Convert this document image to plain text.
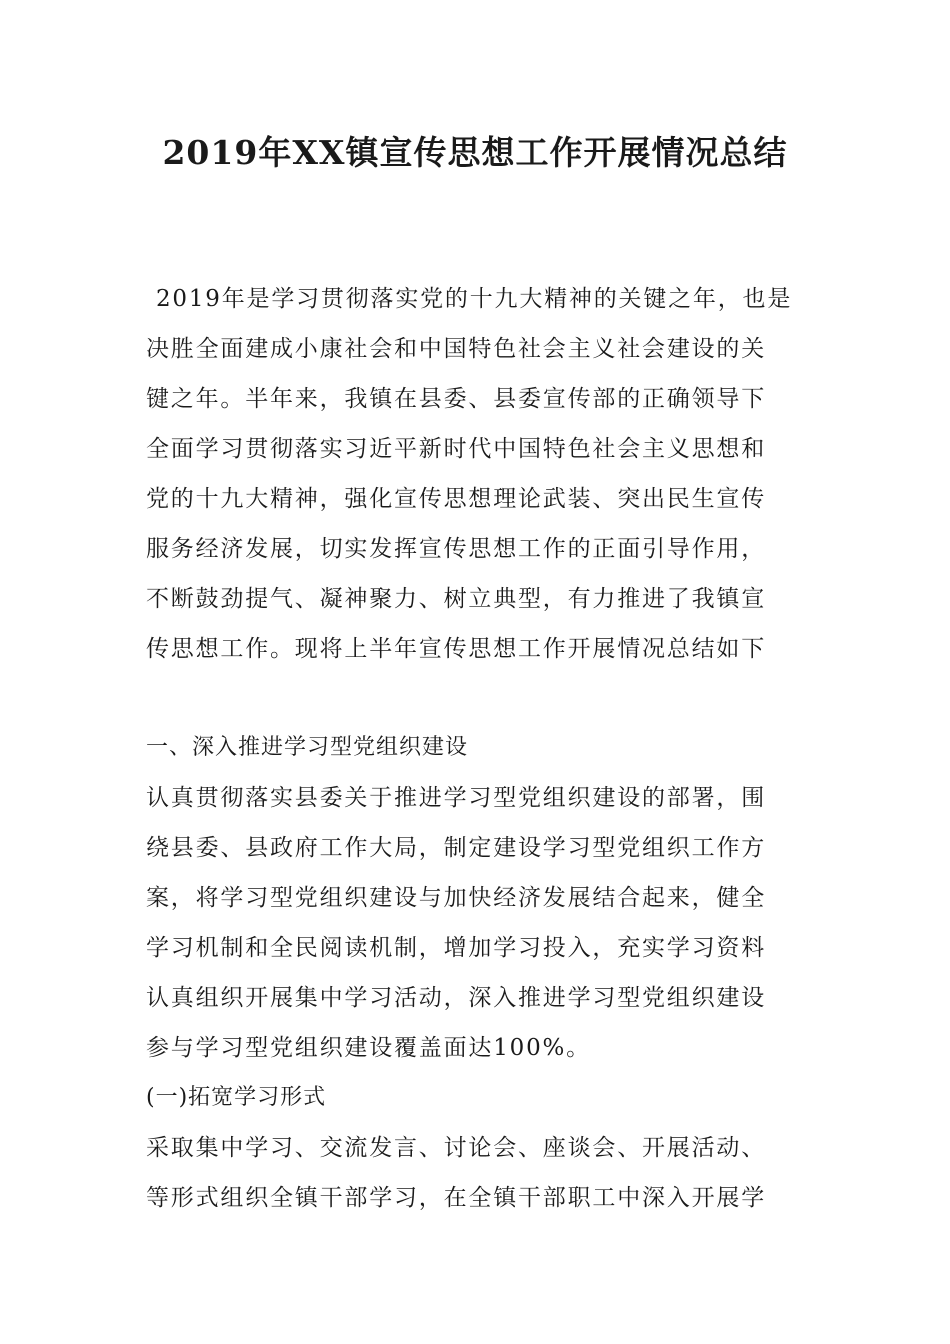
2019年XX镇宣传思想工作开展情况总结
2019年是学习贯彻落实党的十九大精神的关键之年，也是
决胜全面建成小康社会和中国特色社会主义社会建设的关
键之年。半年来，我镇在县委、县委宣传部的正确领导下
全面学习贯彻落实习近平新时代中国特色社会主义思想和
党的十九大精神，强化宣传思想理论武装、突出民生宣传
服务经济发展，切实发挥宣传思想工作的正面引导作用，
不断鼓劲提气、凝神聚力、树立典型，有力推进了我镇宣
传思想工作。现将上半年宣传思想工作开展情况总结如下
一、深入推进学习型党组织建设
认真贯彻落实县委关于推进学习型党组织建设的部署，围
绕县委、县政府工作大局，制定建设学习型党组织工作方
案，将学习型党组织建设与加快经济发展结合起来，健全
学习机制和全民阅读机制，增加学习投入，充实学习资料
认真组织开展集中学习活动，深入推进学习型党组织建设
参与学习型党组织建设覆盖面达100%。
(一)拓宽学习形式
采取集中学习、交流发言、讨论会、座谈会、开展活动、
等形式组织全镇干部学习，在全镇干部职工中深入开展学
